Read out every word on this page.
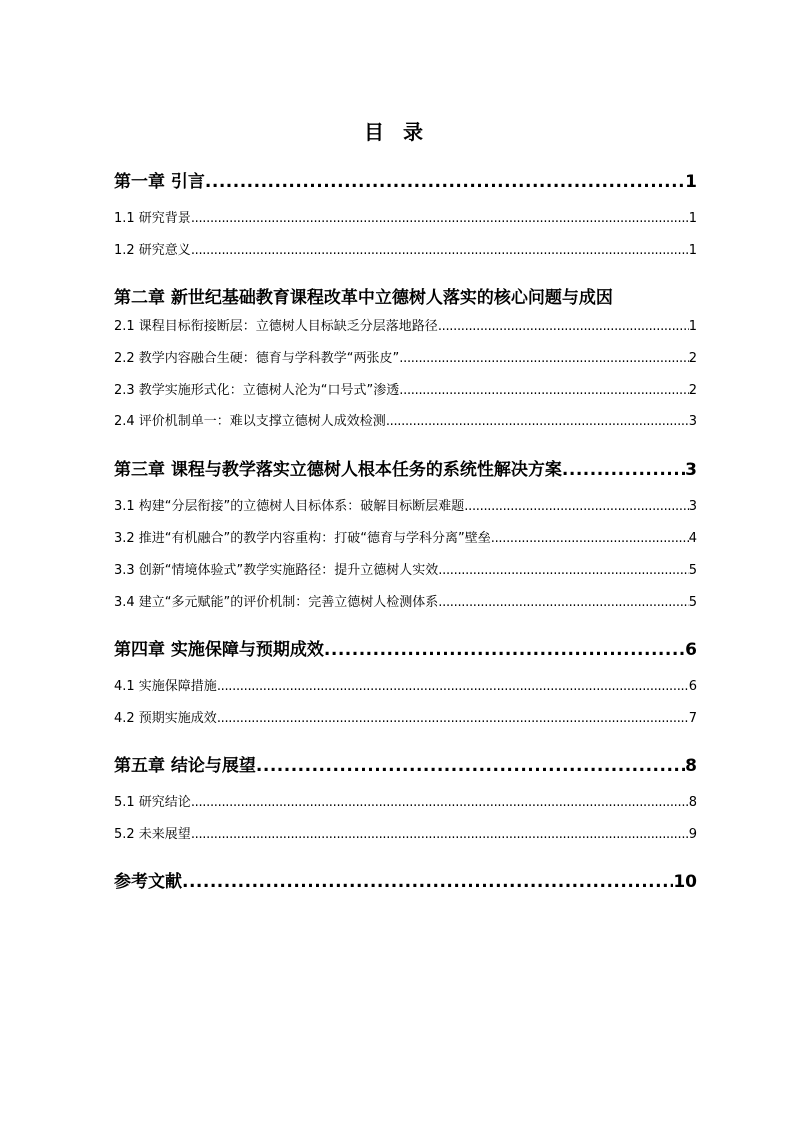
目 录
第一章 引言 .....	1
1.1 研究背景 .....	1
1.2 研究意义 .....	1
第二章 新世纪基础教育课程改革中立德树人落实的核心问题与成因
2.1 课程目标衔接断层：立德树人目标缺乏分层落地路径 .....	1
2.2 教学内容融合生硬：德育与学科教学“两张皮” .....	2
2.3 教学实施形式化：立德树人沦为“口号式”渗透 .....	2
2.4 评价机制单一：难以支撑立德树人成效检测 .....	3
第三章 课程与教学落实立德树人根本任务的系统性解决方案 .....	3
3.1 构建“分层衔接”的立德树人目标体系：破解目标断层难题 .....	3
3.2 推进“有机融合”的教学内容重构：打破“德育与学科分离”壁垒 .....	4
3.3 创新“情境体验式”教学实施路径：提升立德树人实效 .....	5
3.4 建立“多元赋能”的评价机制：完善立德树人检测体系 .....	5
第四章 实施保障与预期成效 .....	6
4.1 实施保障措施 .....	6
4.2 预期实施成效 .....	7
第五章 结论与展望 .....	8
5.1 研究结论 .....	8
5.2 未来展望 .....	9
参考文献 .....	10
